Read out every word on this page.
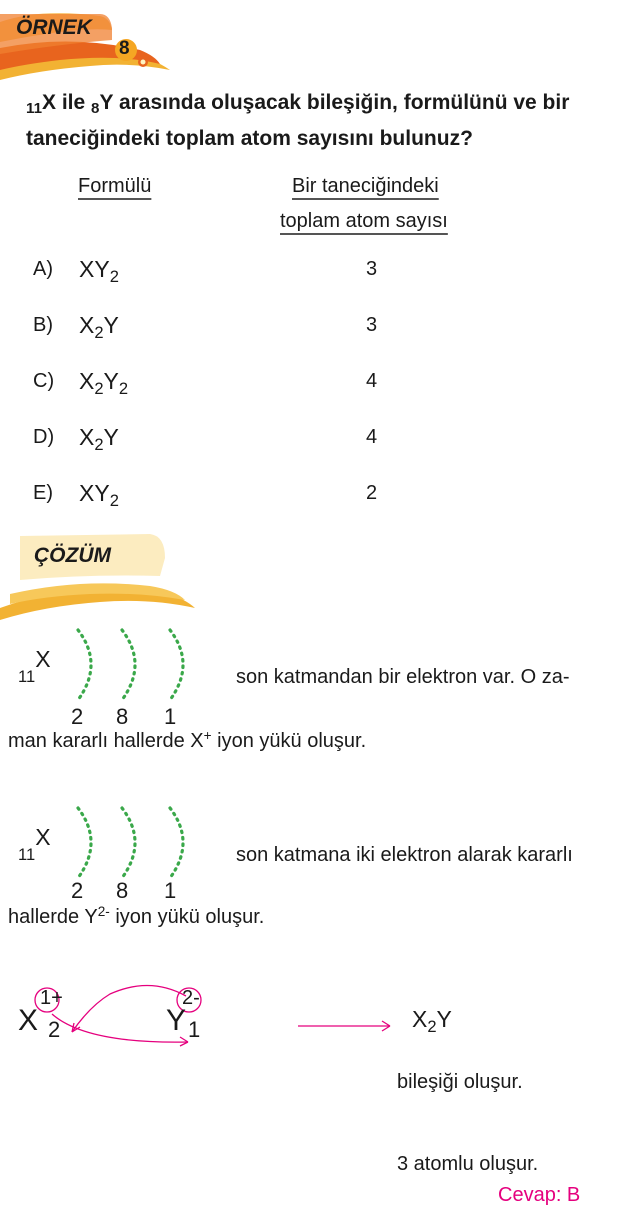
ÖRNEK
8
$_{11}$X ile $_8$Y arasında oluşacak bileşiğin, formülünü ve bir
taneciğindeki toplam atom sayısını bulunuz?
Formülü	Bir taneciğindeki
toplam atom sayısı
A) $XY_2$	3
B) $X_2Y$	3
C) $X_2Y_2$	4
D) $X_2Y$	4
E) $XY_2$	2
ÇÖZÜM
$_{11}$X
2 8 1
son katmandan bir elektron var. O za-
man kararlı hallerde X+ iyon yükü oluşur.
$_{11}$X
2 8 1
son katmana iki elektron alarak kararlı
hallerde $Y^{2-}$ iyon yükü oluşur.
X
1+
2	Y
2-
1	$X_2Y$
bileşiği oluşur.
3 atomlu oluşur.
Cevap: B
